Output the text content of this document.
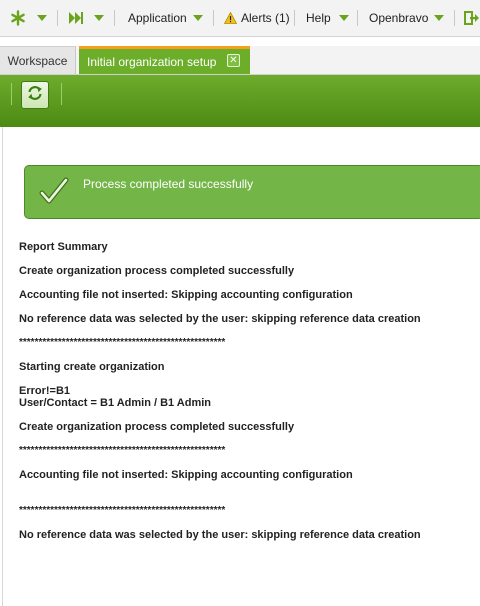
Application	Alerts (1) Help	Openbravo
Workspace Initial organization setup ✕
Process completed successfully
Report Summary
Create organization process completed successfully
Accounting file not inserted: Skipping accounting configuration
No reference data was selected by the user: skipping reference data creation
*****************************************************
Starting create organization
Error!=B1
User/Contact = B1 Admin / B1 Admin
Create organization process completed successfully
*****************************************************
Accounting file not inserted: Skipping accounting configuration
*****************************************************
No reference data was selected by the user: skipping reference data creation
